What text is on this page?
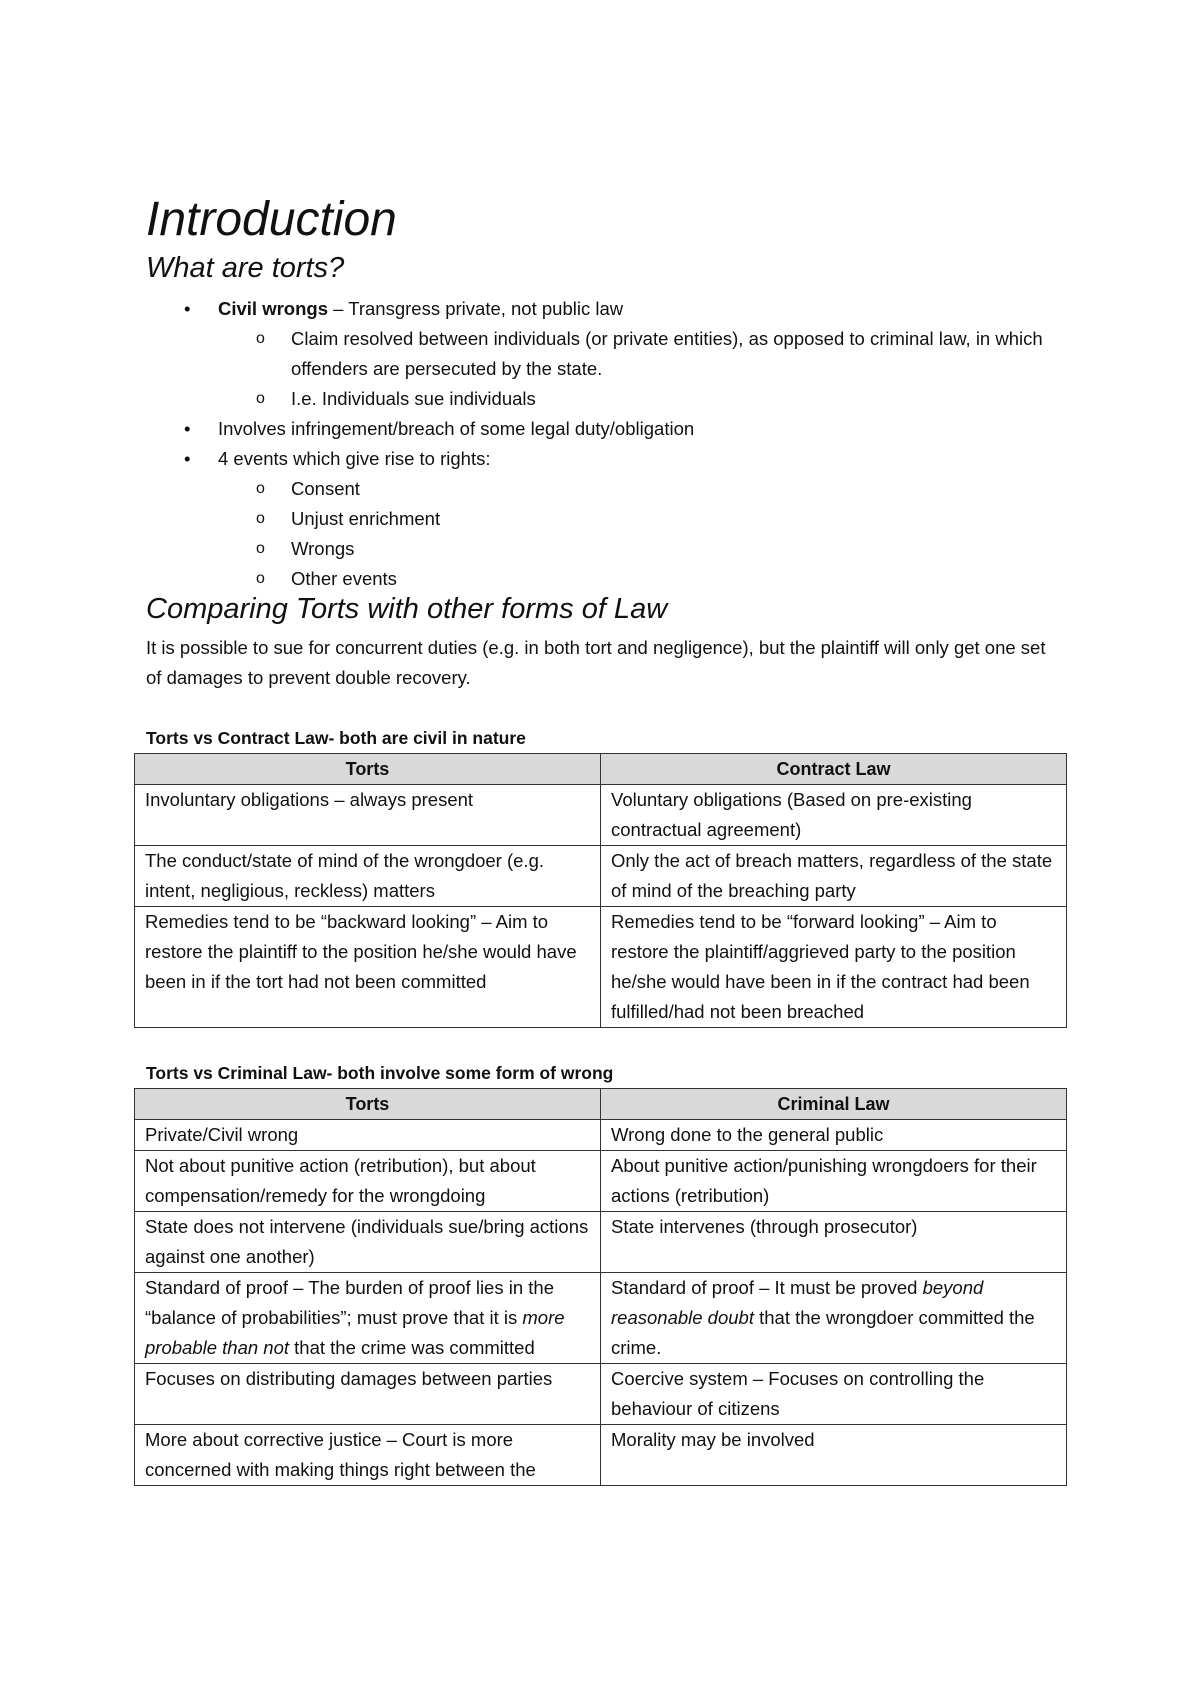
Introduction
What are torts?
• Civil wrongs – Transgress private, not public law
o Claim resolved between individuals (or private entities), as opposed to criminal law, in which offenders are persecuted by the state.
o I.e. Individuals sue individuals
• Involves infringement/breach of some legal duty/obligation
• 4 events which give rise to rights:
o Consent
o Unjust enrichment
o Wrongs
o Other events
Comparing Torts with other forms of Law

It is possible to sue for concurrent duties (e.g. in both tort and negligence), but the plaintiff will only get one set of damages to prevent double recovery.

Torts vs Contract Law- both are civil in nature

Torts	Contract Law
Involuntary obligations – always present	Voluntary obligations (Based on pre-existing contractual agreement)
The conduct/state of mind of the wrongdoer (e.g. intent, negligious, reckless) matters	Only the act of breach matters, regardless of the state of mind of the breaching party
Remedies tend to be “backward looking” – Aim to restore the plaintiff to the position he/she would have been in if the tort had not been committed	Remedies tend to be “forward looking” – Aim to restore the plaintiff/aggrieved party to the position he/she would have been in if the contract had been fulfilled/had not been breached

Torts vs Criminal Law- both involve some form of wrong

Torts	Criminal Law
Private/Civil wrong	Wrong done to the general public
Not about punitive action (retribution), but about compensation/remedy for the wrongdoing	About punitive action/punishing wrongdoers for their actions (retribution)
State does not intervene (individuals sue/bring actions against one another)	State intervenes (through prosecutor)
Standard of proof – The burden of proof lies in the “balance of probabilities”; must prove that it is more probable than not that the crime was committed	Standard of proof – It must be proved beyond reasonable doubt that the wrongdoer committed the crime.
Focuses on distributing damages between parties	Coercive system – Focuses on controlling the behaviour of citizens
More about corrective justice – Court is more concerned with making things right between the	Morality may be involved
